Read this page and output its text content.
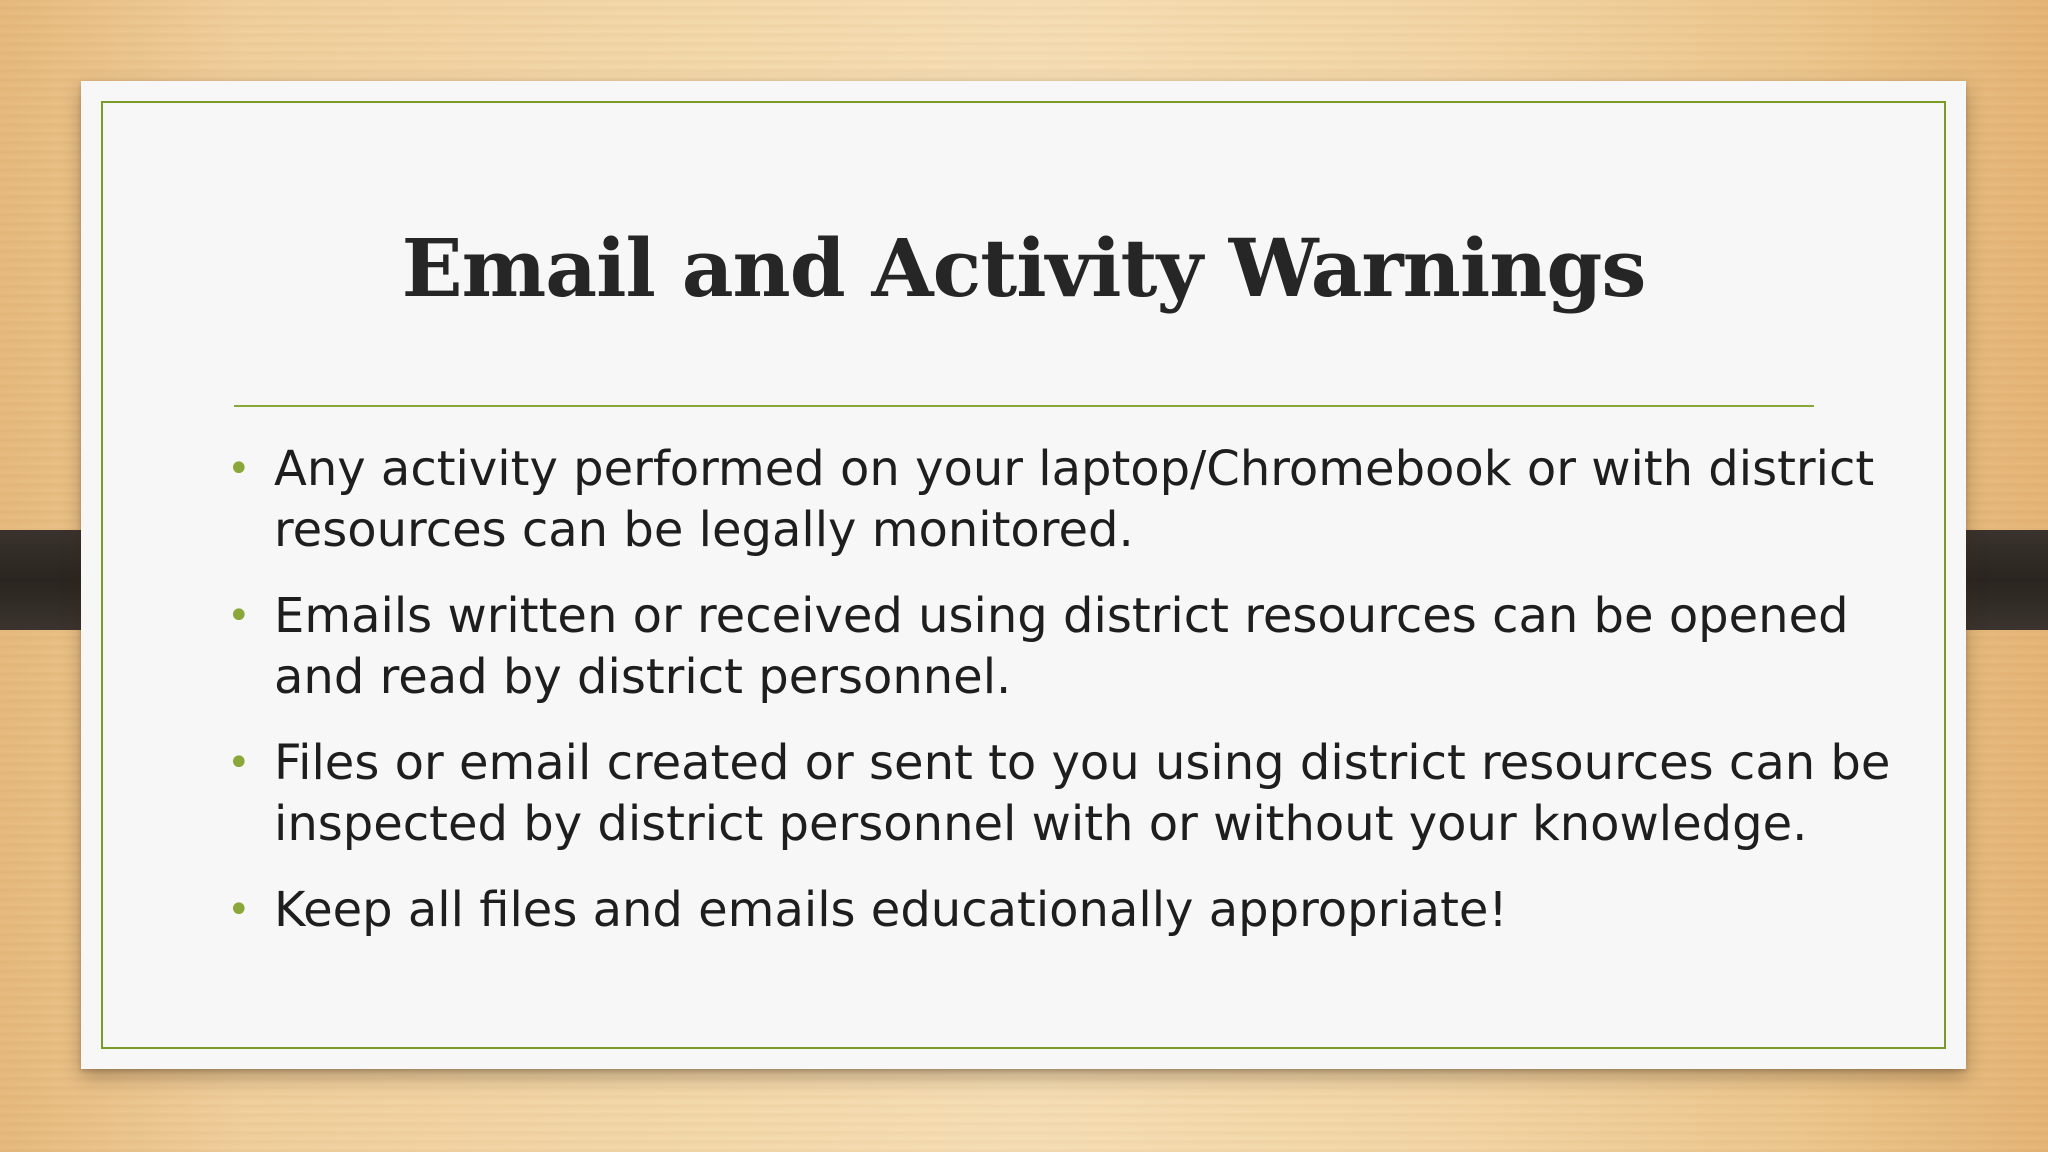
Email and Activity Warnings
• Any activity performed on your laptop/Chromebook or with district resources can be legally monitored.
• Emails written or received using district resources can be opened and read by district personnel.
• Files or email created or sent to you using district resources can be inspected by district personnel with or without your knowledge.
• Keep all files and emails educationally appropriate!
